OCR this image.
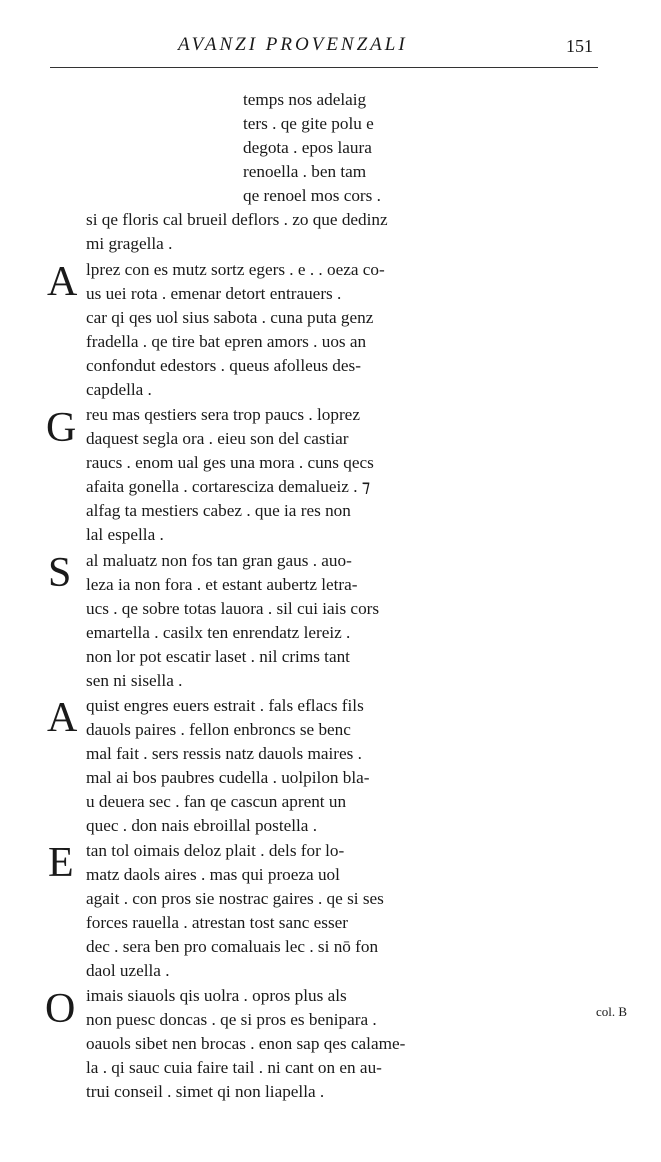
AVANZI PROVENZALI	151
temps nos adelaig
ters . qe gite polu e
degota . epos laura
renoella . ben tam
qe renoel mos cors .
si qe floris cal brueil deflors . zo que dedinz
mi gragella .
A lprez con es mutz sortz egers . e . . oeza co-
us uei rota . emenar detort entrauers .
car qi qes uol sius sabota . cuna puta genz
fradella . qe tire bat epren amors . uos an
confondut edestors . queus afolleus des-
capdella .
G reu mas qestiers sera trop paucs . loprez
daquest segla ora . eieu son del castiar
raucs . enom ual ges una mora . cuns qecs
afaita gonella . cortaresciza demalueiz . ⁊
alfag ta mestiers cabez . que ia res non
lal espella .
S al maluatz non fos tan gran gaus . auo-
leza ia non fora . et estant aubertz letra-
ucs . qe sobre totas lauora . sil cui iais cors
emartella . casilx ten enrendatz lereiz .
non lor pot escatir laset . nil crims tant
sen ni sisella .
A quist engres euers estrait . fals eflacs fils
dauols paires . fellon enbroncs se benc
mal fait . sers ressis natz dauols maires .
mal ai bos paubres cudella . uolpilon bla-
u deuera sec . fan qe cascun aprent un
quec . don nais ebroillal postella .
E tan tol oimais deloz plait . dels for lo-
matz daols aires . mas qui proeza uol
agait . con pros sie nostrac gaires . qe si ses
forces rauella . atrestan tost sanc esser
dec . sera ben pro comaluais lec . si nō fon
daol uzella .
O imais siauols qis uolra . opros plus als
non puesc doncas . qe si pros es benipara .
oauols sibet nen brocas . enon sap qes calame-
la . qi sauc cuia faire tail . ni cant on en au-
trui conseil . simet qi non liapella .
col. B
